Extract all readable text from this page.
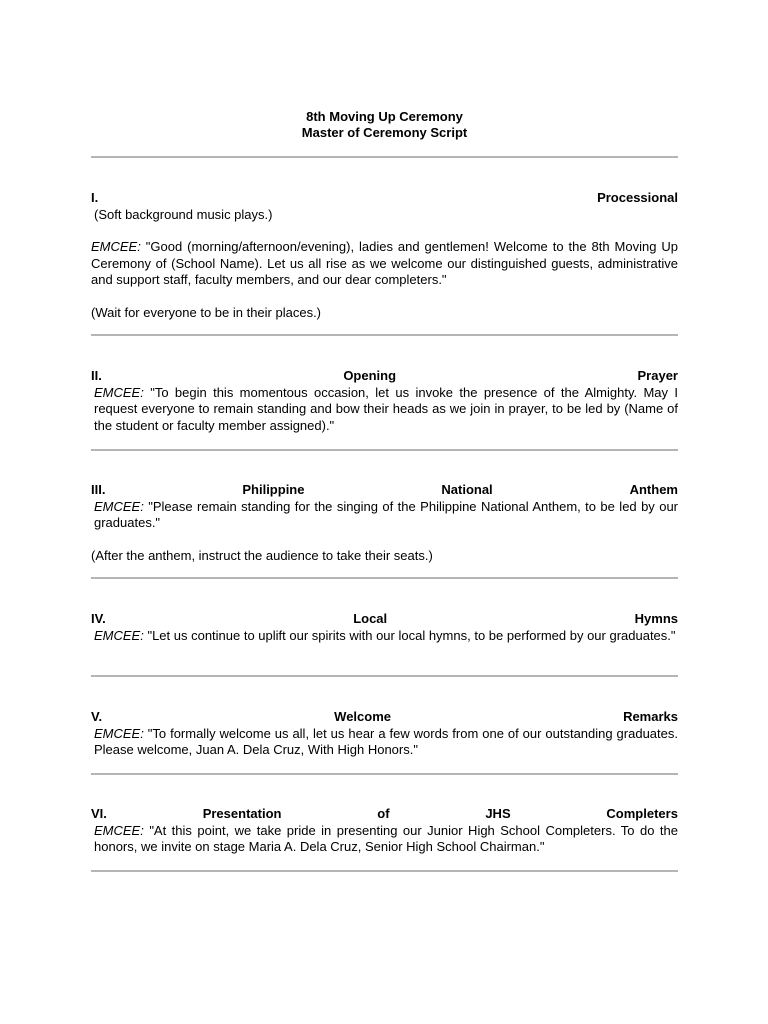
8th Moving Up Ceremony
Master of Ceremony Script
I.	Processional

(Soft background music plays.)

EMCEE: "Good (morning/afternoon/evening), ladies and gentlemen! Welcome to the 8th Moving Up Ceremony of (School Name). Let us all rise as we welcome our distinguished guests, administrative and support staff, faculty members, and our dear completers."

(Wait for everyone to be in their places.)

II.	Opening	Prayer

EMCEE: "To begin this momentous occasion, let us invoke the presence of the Almighty. May I request everyone to remain standing and bow their heads as we join in prayer, to be led by (Name of the student or faculty member assigned)."

III.	Philippine	National	Anthem

EMCEE: "Please remain standing for the singing of the Philippine National Anthem, to be led by our graduates."

(After the anthem, instruct the audience to take their seats.)

IV.	Local	Hymns

EMCEE: "Let us continue to uplift our spirits with our local hymns, to be performed by our graduates."

V.	Welcome	Remarks

EMCEE: "To formally welcome us all, let us hear a few words from one of our outstanding graduates. Please welcome, Juan A. Dela Cruz, With High Honors."

VI.	Presentation	of	JHS	Completers

EMCEE: "At this point, we take pride in presenting our Junior High School Completers. To do the honors, we invite on stage Maria A. Dela Cruz, Senior High School Chairman."
